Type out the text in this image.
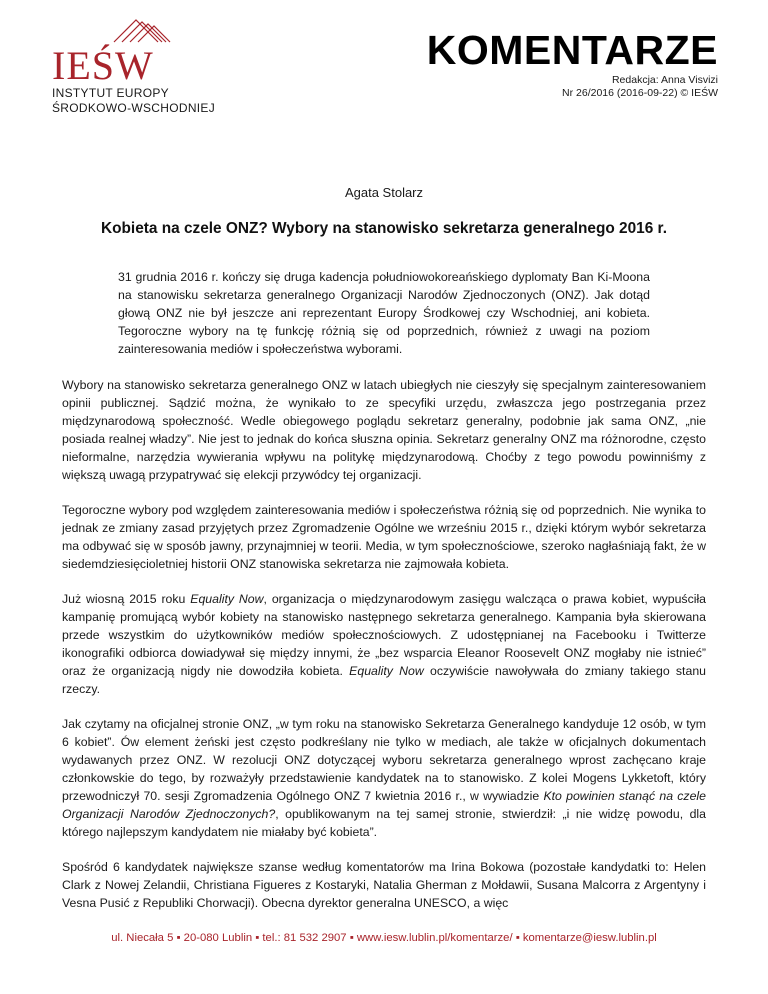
IEŚW
INSTYTUT EUROPY
ŚRODKOWO-WSCHODNIEJ
KOMENTARZE
Redakcja: Anna Visvizi
Nr 26/2016 (2016-09-22) © IEŚW
Agata Stolarz
Kobieta na czele ONZ? Wybory na stanowisko sekretarza generalnego 2016 r.
31 grudnia 2016 r. kończy się druga kadencja południowokoreańskiego dyplomaty Ban Ki-Moona na stanowisku sekretarza generalnego Organizacji Narodów Zjednoczonych (ONZ). Jak dotąd głową ONZ nie był jeszcze ani reprezentant Europy Środkowej czy Wschodniej, ani kobieta. Tegoroczne wybory na tę funkcję różnią się od poprzednich, również z uwagi na poziom zainteresowania mediów i społeczeństwa wyborami.

Wybory na stanowisko sekretarza generalnego ONZ w latach ubiegłych nie cieszyły się specjalnym zainteresowaniem opinii publicznej. Sądzić można, że wynikało to ze specyfiki urzędu, zwłaszcza jego postrzegania przez międzynarodową społeczność. Wedle obiegowego poglądu sekretarz generalny, podobnie jak sama ONZ, „nie posiada realnej władzy”. Nie jest to jednak do końca słuszna opinia. Sekretarz generalny ONZ ma różnorodne, często nieformalne, narzędzia wywierania wpływu na politykę międzynarodową. Choćby z tego powodu powinniśmy z większą uwagą przypatrywać się elekcji przywódcy tej organizacji.

Tegoroczne wybory pod względem zainteresowania mediów i społeczeństwa różnią się od poprzednich. Nie wynika to jednak ze zmiany zasad przyjętych przez Zgromadzenie Ogólne we wrześniu 2015 r., dzięki którym wybór sekretarza ma odbywać się w sposób jawny, przynajmniej w teorii. Media, w tym społecznościowe, szeroko nagłaśniają fakt, że w siedemdziesięcioletniej historii ONZ stanowiska sekretarza nie zajmowała kobieta.

Już wiosną 2015 roku Equality Now, organizacja o międzynarodowym zasięgu walcząca o prawa kobiet, wypuściła kampanię promującą wybór kobiety na stanowisko następnego sekretarza generalnego. Kampania była skierowana przede wszystkim do użytkowników mediów społecznościowych. Z udostępnianej na Facebooku i Twitterze ikonografiki odbiorca dowiadywał się między innymi, że „bez wsparcia Eleanor Roosevelt ONZ mogłaby nie istnieć” oraz że organizacją nigdy nie dowodziła kobieta. Equality Now oczywiście nawoływała do zmiany takiego stanu rzeczy.

Jak czytamy na oficjalnej stronie ONZ, „w tym roku na stanowisko Sekretarza Generalnego kandyduje 12 osób, w tym 6 kobiet”. Ów element żeński jest często podkreślany nie tylko w mediach, ale także w oficjalnych dokumentach wydawanych przez ONZ. W rezolucji ONZ dotyczącej wyboru sekretarza generalnego wprost zachęcano kraje członkowskie do tego, by rozważyły przedstawienie kandydatek na to stanowisko. Z kolei Mogens Lykketoft, który przewodniczył 70. sesji Zgromadzenia Ogólnego ONZ 7 kwietnia 2016 r., w wywiadzie Kto powinien stanąć na czele Organizacji Narodów Zjednoczonych?, opublikowanym na tej samej stronie, stwierdził: „i nie widzę powodu, dla którego najlepszym kandydatem nie miałaby być kobieta”.

Spośród 6 kandydatek największe szanse według komentatorów ma Irina Bokowa (pozostałe kandydatki to: Helen Clark z Nowej Zelandii, Christiana Figueres z Kostaryki, Natalia Gherman z Mołdawii, Susana Malcorra z Argentyny i Vesna Pusić z Republiki Chorwacji). Obecna dyrektor generalna UNESCO, a więc

ul. Niecała 5 ▪ 20-080 Lublin ▪ tel.: 81 532 2907 ▪ www.iesw.lublin.pl/komentarze/ ▪ komentarze@iesw.lublin.pl
